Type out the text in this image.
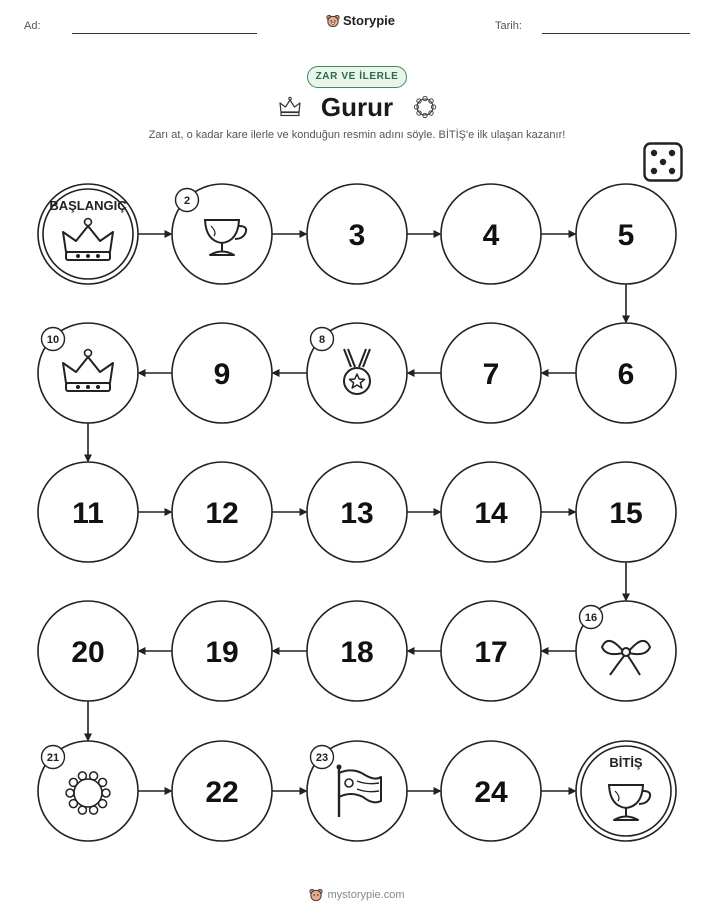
Ad:	Storypie	Tarih:
ZAR VE İLERLE
Gurur
Zarı at, o kadar kare ilerle ve konduğun resmin adını söyle. BİTİŞ'e ilk ulaşan kazanır!
BAŞLANGIÇ	2
3	4	5
6
7
8
9
10
11	12	13	14	15
16
17
18
19
20
21
22
23
24
BİTİŞ
mystorypie.com
